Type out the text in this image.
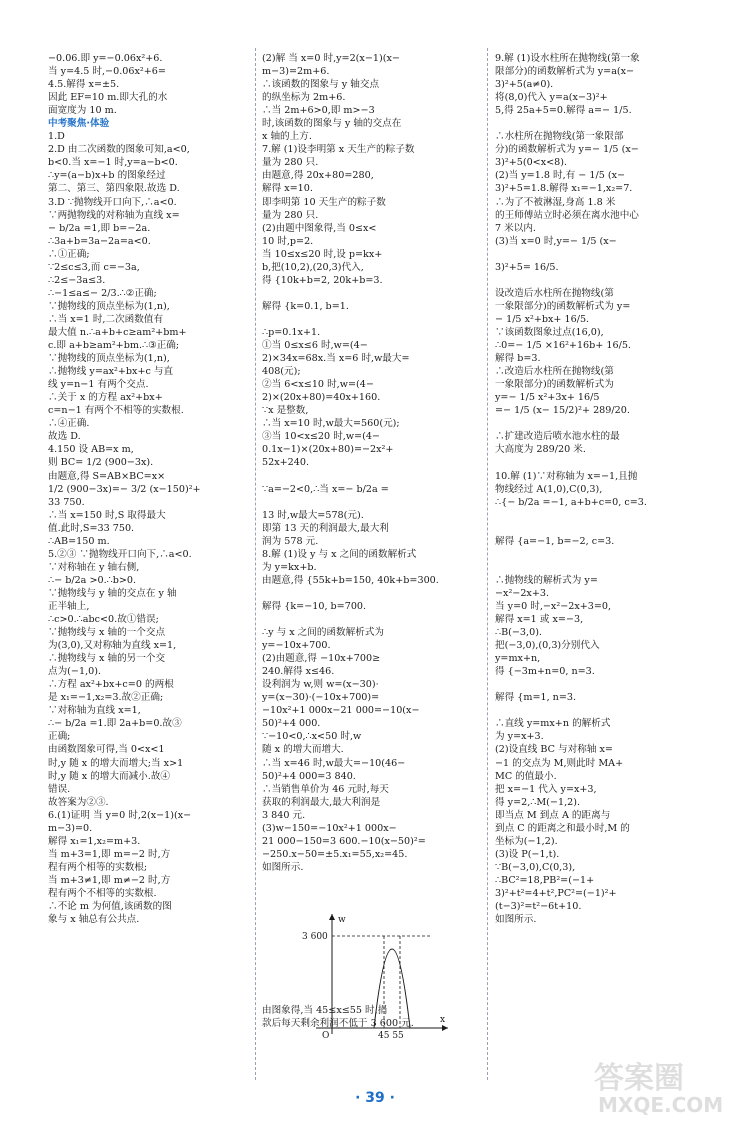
−0.06.即 y=−0.06x²+6.
当 y=4.5 时,−0.06x²+6=
4.5.解得 x=±5.
因此 EF=10 m.即大孔的水
面宽度为 10 m.
中考聚焦·体验
1.D
2.D 由二次函数的图象可知,a<0,
b<0.当 x=−1 时,y=a−b<0.
∴y=(a−b)x+b 的图象经过
第二、第三、第四象限.故选 D.
3.D ∵抛物线开口向下,∴a<0.
∵两抛物线的对称轴为直线 x=
− b/2a =1,即 b=−2a.
∴3a+b=3a−2a=a<0.
∴①正确;
∵2≤c≤3,而 c=−3a,
∴2≤−3a≤3.
∴−1≤a≤− 2/3.∴②正确;
∵抛物线的顶点坐标为(1,n),
∴当 x=1 时,二次函数值有
最大值 n.∴a+b+c≥am²+bm+
c.即 a+b≥am²+bm.∴③正确;
∵抛物线的顶点坐标为(1,n),
∴抛物线 y=ax²+bx+c 与直
线 y=n−1 有两个交点.
∴关于 x 的方程 ax²+bx+
c=n−1 有两个不相等的实数根.
∴④正确.
故选 D.
4.150 设 AB=x m,
则 BC= 1/2 (900−3x).
由题意,得 S=AB×BC=x×
1/2 (900−3x)=− 3/2 (x−150)²+
33 750.
∴当 x=150 时,S 取得最大
值.此时,S=33 750.
∴AB=150 m.
5.②③ ∵抛物线开口向下,∴a<0.
∵对称轴在 y 轴右侧,
∴− b/2a >0.∴b>0.
∵抛物线与 y 轴的交点在 y 轴
正半轴上,
∴c>0.∴abc<0.故①错误;
∵抛物线与 x 轴的一个交点
为(3,0),又对称轴为直线 x=1,
∴抛物线与 x 轴的另一个交
点为(−1,0).
∴方程 ax²+bx+c=0 的两根
是 x₁=−1,x₂=3.故②正确;
∵对称轴为直线 x=1,
∴− b/2a =1.即 2a+b=0.故③
正确;
由函数图象可得,当 0<x<1
时,y 随 x 的增大而增大;当 x>1
时,y 随 x 的增大而减小.故④
错误.
故答案为②③.
6.(1)证明 当 y=0 时,2(x−1)(x−
m−3)=0.
解得 x₁=1,x₂=m+3.
当 m+3=1,即 m=−2 时,方
程有两个相等的实数根;
当 m+3≠1,即 m≠−2 时,方
程有两个不相等的实数根.
∴不论 m 为何值,该函数的图
象与 x 轴总有公共点.
(2)解 当 x=0 时,y=2(x−1)(x−
m−3)=2m+6.
∴该函数的图象与 y 轴交点
的纵坐标为 2m+6.
∴当 2m+6>0,即 m>−3
时,该函数的图象与 y 轴的交点在
x 轴的上方.
7.解 (1)设李明第 x 天生产的粽子数
量为 280 只.
由题意,得 20x+80=280,
解得 x=10.
即李明第 10 天生产的粽子数
量为 280 只.
(2)由题中图象得,当 0≤x<
10 时,p=2.
当 10≤x≤20 时,设 p=kx+
b,把(10,2),(20,3)代入,
得 {10k+b=2, 20k+b=3.
解得 {k=0.1, b=1.
∴p=0.1x+1.
①当 0≤x≤6 时,w=(4−
2)×34x=68x.当 x=6 时,w最大=
408(元);
②当 6<x≤10 时,w=(4−
2)×(20x+80)=40x+160.
∵x 是整数,
∴当 x=10 时,w最大=560(元);
③当 10<x≤20 时,w=(4−
0.1x−1)×(20x+80)=−2x²+
52x+240.
∵a=−2<0,∴当 x=− b/2a =
13 时,w最大=578(元).
即第 13 天的利润最大,最大利
润为 578 元.
8.解 (1)设 y 与 x 之间的函数解析式
为 y=kx+b.
由题意,得 {55k+b=150, 40k+b=300.
解得 {k=−10, b=700.
∴y 与 x 之间的函数解析式为
y=−10x+700.
(2)由题意,得 −10x+700≥
240.解得 x≤46.
设利润为 w,则 w=(x−30)·
y=(x−30)·(−10x+700)=
−10x²+1 000x−21 000=−10(x−
50)²+4 000.
∵−10<0,∴x<50 时,w
随 x 的增大而增大.
∴当 x=46 时,w最大=−10(46−
50)²+4 000=3 840.
∴当销售单价为 46 元时,每天
获取的利润最大,最大利润是
3 840 元.
(3)w−150=−10x²+1 000x−
21 000−150=3 600.−10(x−50)²=
−250.x−50=±5.x₁=55,x₂=45.
如图所示.
由图象得,当 45≤x≤55 时,捐
款后每天剩余利润不低于 3 600 元.
9.解 (1)设水柱所在抛物线(第一象
限部分)的函数解析式为 y=a(x−
3)²+5(a≠0).
将(8,0)代入 y=a(x−3)²+
5,得 25a+5=0.解得 a=− 1/5.
∴水柱所在抛物线(第一象限部
分)的函数解析式为 y=− 1/5 (x−
3)²+5(0<x<8).
(2)当 y=1.8 时,有 − 1/5 (x−
3)²+5=1.8.解得 x₁=−1,x₂=7.
∴为了不被淋湿,身高 1.8 米
的王师傅站立时必须在离水池中心
7 米以内.
(3)当 x=0 时,y=− 1/5 (x−
3)²+5= 16/5.
设改造后水柱所在抛物线(第
一象限部分)的函数解析式为 y=
− 1/5 x²+bx+ 16/5.
∵该函数图象过点(16,0),
∴0=− 1/5 ×16²+16b+ 16/5.
解得 b=3.
∴改造后水柱所在抛物线(第
一象限部分)的函数解析式为
y=− 1/5 x²+3x+ 16/5
=− 1/5 (x− 15/2)²+ 289/20.
∴扩建改造后喷水池水柱的最
大高度为 289/20 米.
10.解 (1)∵对称轴为 x=−1,且抛
物线经过 A(1,0),C(0,3),
∴{− b/2a =−1, a+b+c=0, c=3.
解得 {a=−1, b=−2, c=3.
∴抛物线的解析式为 y=
−x²−2x+3.
当 y=0 时,−x²−2x+3=0,
解得 x=1 或 x=−3,
∴B(−3,0).
把(−3,0),(0,3)分别代入
y=mx+n,
得 {−3m+n=0, n=3.
解得 {m=1, n=3.
∴直线 y=mx+n 的解析式
为 y=x+3.
(2)设直线 BC 与对称轴 x=
−1 的交点为 M,则此时 MA+
MC 的值最小.
把 x=−1 代入 y=x+3,
得 y=2,∴M(−1,2).
即当点 M 到点 A 的距离与
到点 C 的距离之和最小时,M 的
坐标为(−1,2).
(3)设 P(−1,t).
∵B(−3,0),C(0,3),
∴BC²=18,PB²=(−1+
3)²+t²=4+t²,PC²=(−1)²+
(t−3)²=t²−6t+10.
如图所示.
w
x
O
3 600
45 55
· 39 ·
答案圈
MXQE.COM
